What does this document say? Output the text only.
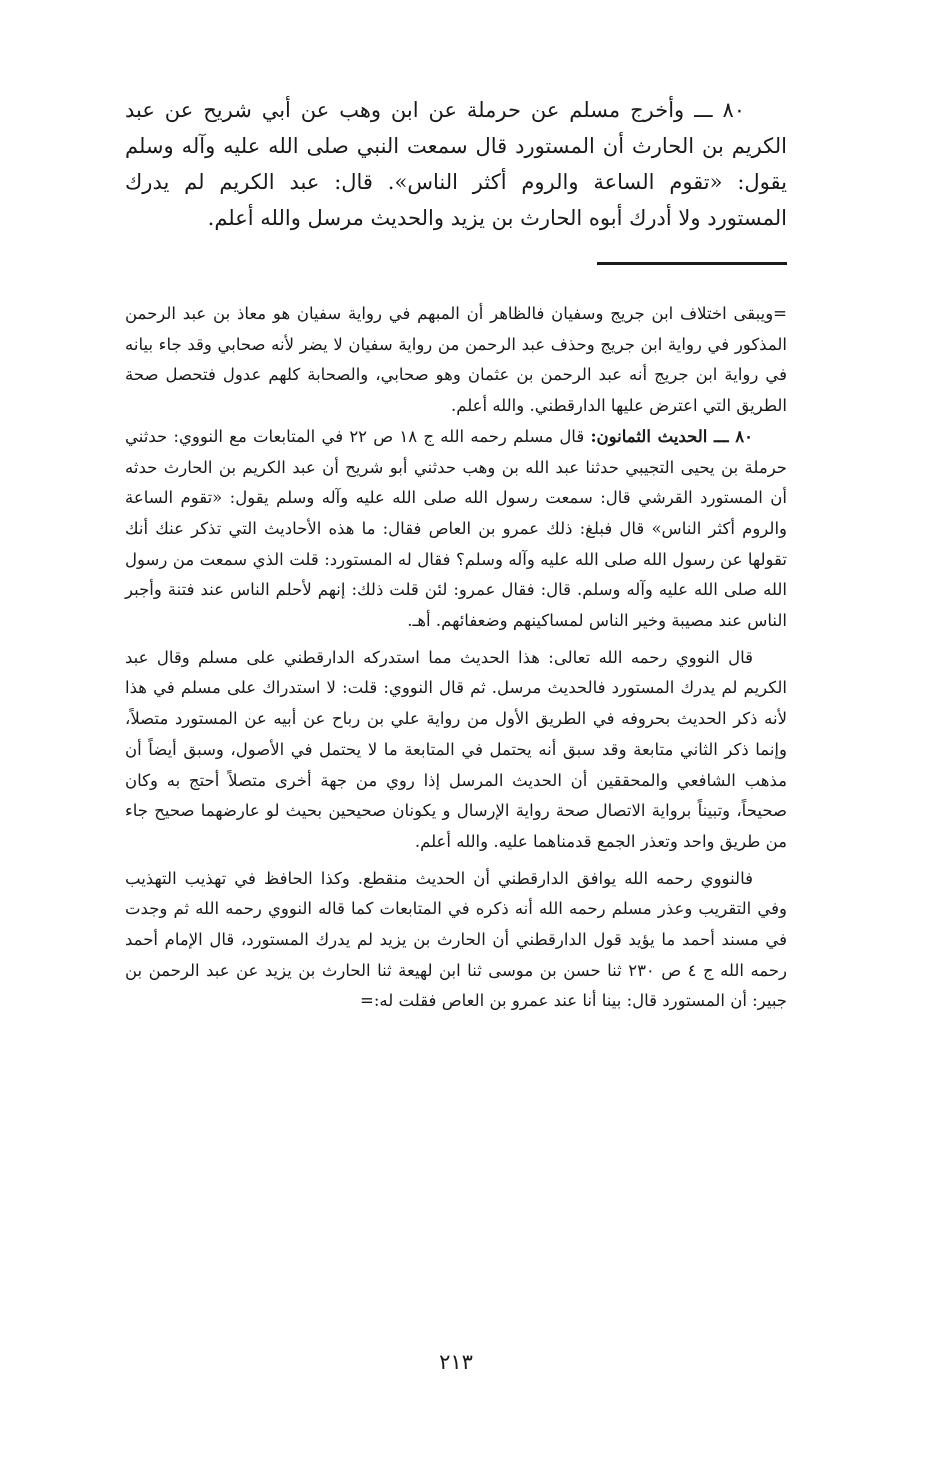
٨٠ ـــ وأخرج مسلم عن حرملة عن ابن وهب عن أبي شريح عن عبد الكريم بن الحارث أن المستورد قال سمعت النبي صلى الله عليه وآله وسلم يقول: «تقوم الساعة والروم أكثر الناس». قال: عبد الكريم لم يدرك المستورد ولا أدرك أبوه الحارث بن يزيد والحديث مرسل والله أعلم.

=ويبقى اختلاف ابن جريج وسفيان فالظاهر أن المبهم في رواية سفيان هو معاذ بن عبد الرحمن المذكور في رواية ابن جريج وحذف عبد الرحمن من رواية سفيان لا يضر لأنه صحابي وقد جاء بيانه في رواية ابن جريج أنه عبد الرحمن بن عثمان وهو صحابي، والصحابة كلهم عدول فتحصل صحة الطريق التي اعترض عليها الدارقطني. والله أعلم.

٨٠ ـــ الحديث الثمانون: قال مسلم رحمه الله ج ١٨ ص ٢٢ في المتابعات مع النووي: حدثني حرملة بن يحيى التجيبي حدثنا عبد الله بن وهب حدثني أبو شريح أن عبد الكريم بن الحارث حدثه أن المستورد القرشي قال: سمعت رسول الله صلى الله عليه وآله وسلم يقول: «تقوم الساعة والروم أكثر الناس» قال فبلغ: ذلك عمرو بن العاص فقال: ما هذه الأحاديث التي تذكر عنك أنك تقولها عن رسول الله صلى الله عليه وآله وسلم؟ فقال له المستورد: قلت الذي سمعت من رسول الله صلى الله عليه وآله وسلم. قال: فقال عمرو: لئن قلت ذلك: إنهم لأحلم الناس عند فتنة وأجبر الناس عند مصيبة وخير الناس لمساكينهم وضعفائهم. أهـ.

قال النووي رحمه الله تعالى: هذا الحديث مما استدركه الدارقطني على مسلم وقال عبد الكريم لم يدرك المستورد فالحديث مرسل. ثم قال النووي: قلت: لا استدراك على مسلم في هذا لأنه ذكر الحديث بحروفه في الطريق الأول من رواية علي بن رباح عن أبيه عن المستورد متصلاً، وإنما ذكر الثاني متابعة وقد سبق أنه يحتمل في المتابعة ما لا يحتمل في الأصول، وسبق أيضاً أن مذهب الشافعي والمحققين أن الحديث المرسل إذا روي من جهة أخرى متصلاً أحتج به وكان صحيحاً، وتبيناً برواية الاتصال صحة رواية الإرسال و يكونان صحيحين بحيث لو عارضهما صحيح جاء من طريق واحد وتعذر الجمع قدمناهما عليه. والله أعلم.

فالنووي رحمه الله يوافق الدارقطني أن الحديث منقطع. وكذا الحافظ في تهذيب التهذيب وفي التقريب وعذر مسلم رحمه الله أنه ذكره في المتابعات كما قاله النووي رحمه الله ثم وجدت في مسند أحمد ما يؤيد قول الدارقطني أن الحارث بن يزيد لم يدرك المستورد، قال الإمام أحمد رحمه الله ج ٤ ص ٢٣٠ ثنا حسن بن موسى ثنا ابن لهيعة ثنا الحارث بن يزيد عن عبد الرحمن بن جبير: أن المستورد قال: بينا أنا عند عمرو بن العاص فقلت له:=

٢١٣
